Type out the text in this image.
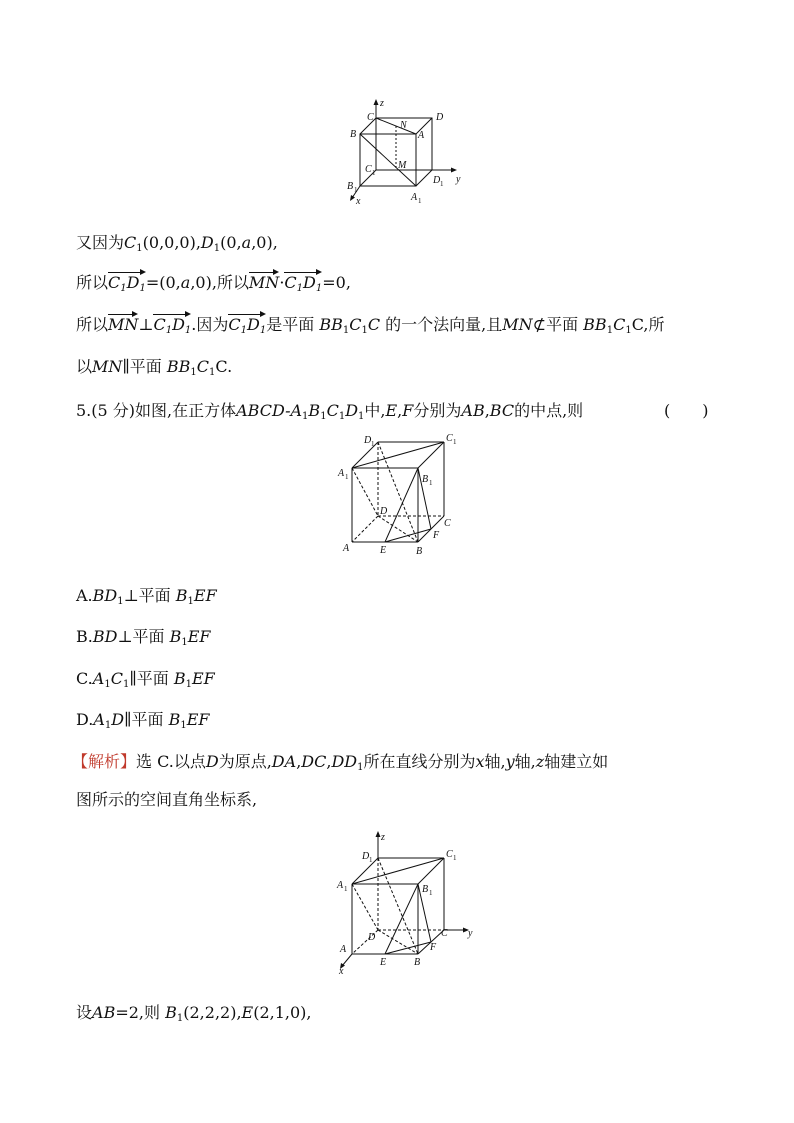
z
y
x
C
N
D
B	A
C 1
M
D 1
B 1
A 1
又因为$C_1(0,0,0),D_1(0,a,0)$,
所以$C_1D_1=(0,a,0)$,所以$MN\cdot C_1D_1=0$,
所以$MN\perp C_1D_1$.因为$C_1D_1$是平面 $BB_1C_1C$ 的一个法向量,且MN⊄平面 $BB_1C_1C$,所
以MN∥平面 $BB_1C_1C$.
5.(5 分)如图,在正方体ABCD-$A_1B_1C_1D_1$中,E,F分别为AB,BC的中点,则	(　　)
D 1	C 1
A 1	B 1
D
C
F
A	E	B
$A.BD_1\perp$平面 $B_1EF$
B.BD⊥平面 $B_1EF$
$C.A_1C_1\parallel$平面 $B_1EF$
$D.A_1D\parallel$平面 $B_1EF$
【解析】选 C.以点D为原点$,DA,DC,DD_1$所在直线分别为x轴,y轴,z轴建立如
图所示的空间直角坐标系,
z
y
x
D 1	C 1
A 1	B 1
D	C
F
A
E	B
设AB=2,则 $B_1(2,2,2),E(2,1,0)$,
